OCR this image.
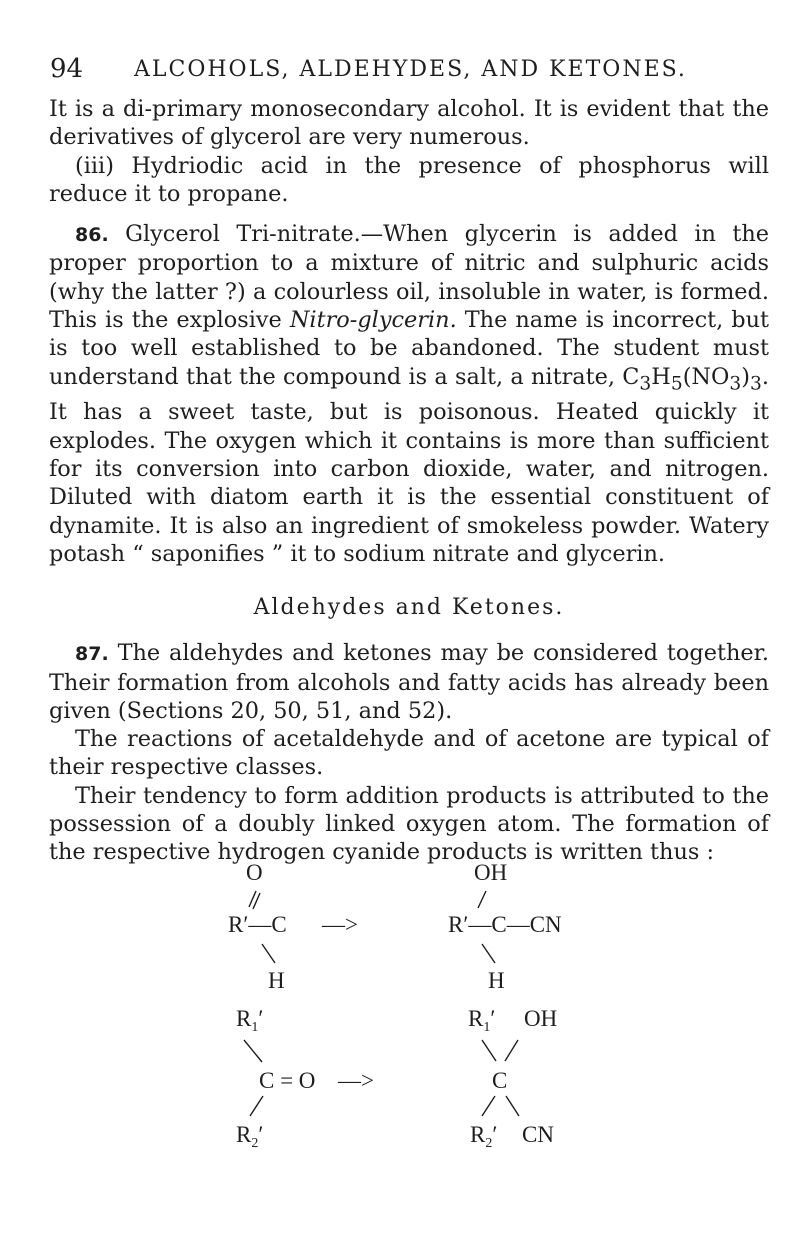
94 ALCOHOLS, ALDEHYDES, AND KETONES.

It is a di-primary monosecondary alcohol. It is evident that the derivatives of glycerol are very numerous.

(iii) Hydriodic acid in the presence of phosphorus will reduce it to propane.

86. Glycerol Tri-nitrate.—When glycerin is added in the proper proportion to a mixture of nitric and sulphuric acids (why the latter ?) a colourless oil, insoluble in water, is formed. This is the explosive Nitro-glycerin. The name is incorrect, but is too well established to be abandoned. The student must understand that the compound is a salt, a nitrate, $C_3H_5(NO_3)_3$. It has a sweet taste, but is poisonous. Heated quickly it explodes. The oxygen which it contains is more than sufficient for its conversion into carbon dioxide, water, and nitrogen. Diluted with diatom earth it is the essential constituent of dynamite. It is also an ingredient of smokeless powder. Watery potash “ saponifies ” it to sodium nitrate and glycerin.

Aldehydes and Ketones.

87. The aldehydes and ketones may be considered together. Their formation from alcohols and fatty acids has already been given (Sections 20, 50, 51, and 52).

The reactions of acetaldehyde and of acetone are typical of their respective classes.

Their tendency to form addition products is attributed to the possession of a doubly linked oxygen atom. The formation of the respective hydrogen cyanide products is written thus :

O
R′—C
H
—>
OH
R′—C—CN
H
$R_1'$
C = O —>
$R_2'$
$R_1'$ OH
C
$R_2'$ CN
